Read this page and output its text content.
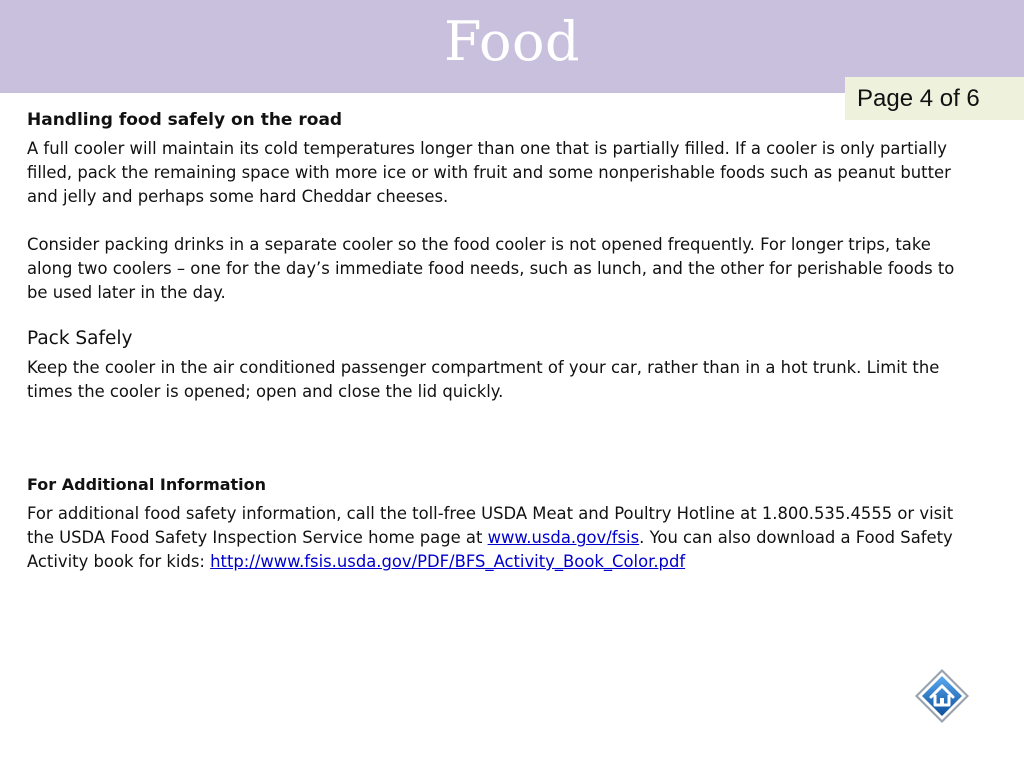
Food
Page 4 of 6
Handling food safely on the road

A full cooler will maintain its cold temperatures longer than one that is partially filled. If a cooler is only partially filled, pack the remaining space with more ice or with fruit and some nonperishable foods such as peanut butter and jelly and perhaps some hard Cheddar cheeses.

Consider packing drinks in a separate cooler so the food cooler is not opened frequently. For longer trips, take along two coolers – one for the day’s immediate food needs, such as lunch, and the other for perishable foods to be used later in the day.

Pack Safely

Keep the cooler in the air conditioned passenger compartment of your car, rather than in a hot trunk. Limit the times the cooler is opened; open and close the lid quickly.

For Additional Information

For additional food safety information, call the toll-free USDA Meat and Poultry Hotline at 1.800.535.4555 or visit the USDA Food Safety Inspection Service home page at www.usda.gov/fsis. You can also download a Food Safety Activity book for kids: http://www.fsis.usda.gov/PDF/BFS_Activity_Book_Color.pdf
